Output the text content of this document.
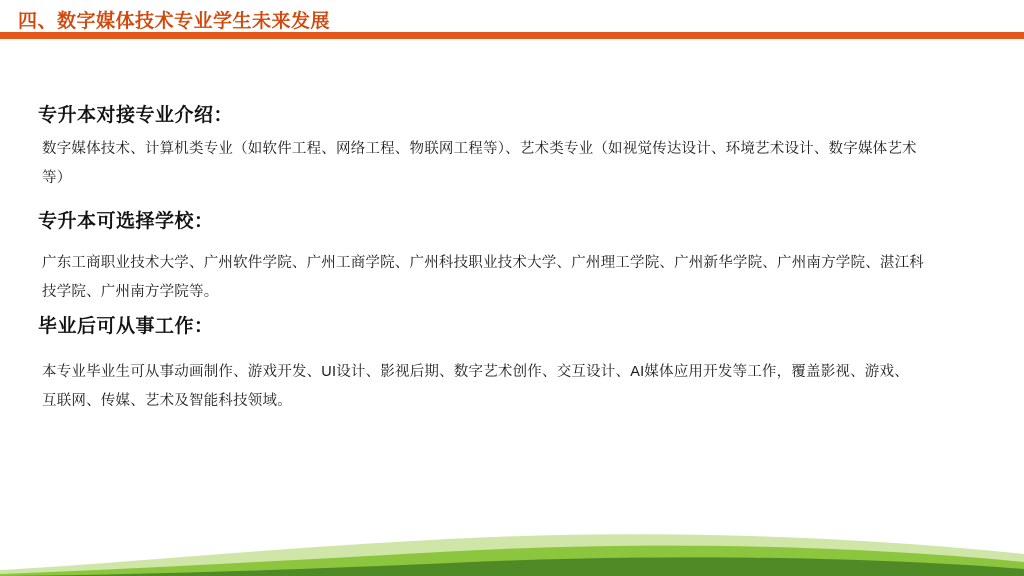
四、数字媒体技术专业学生未来发展
专升本对接专业介绍：
数字媒体技术、计算机类专业（如软件工程、网络工程、物联网工程等）、艺术类专业（如视觉传达设计、环境艺术设计、数字媒体艺术等）
专升本可选择学校：
广东工商职业技术大学、广州软件学院、广州工商学院、广州科技职业技术大学、广州理工学院、广州新华学院、广州南方学院、湛江科技学院、广州南方学院等。
毕业后可从事工作：
本专业毕业生可从事动画制作、游戏开发、UI设计、影视后期、数字艺术创作、交互设计、AI媒体应用开发等工作，覆盖影视、游戏、互联网、传媒、艺术及智能科技领域。
